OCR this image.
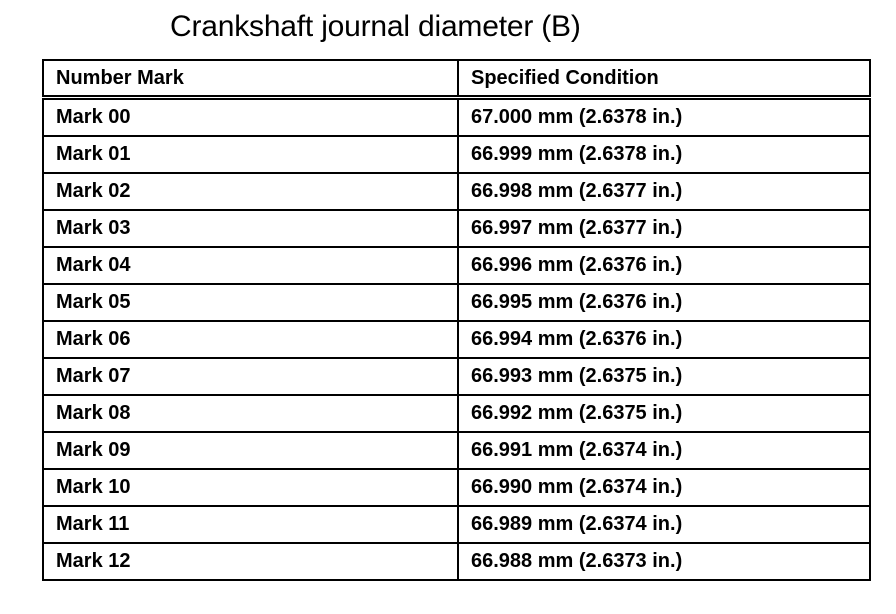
Crankshaft journal diameter (B)
Number Mark	Specified Condition
Mark 00	67.000 mm (2.6378 in.)
Mark 01	66.999 mm (2.6378 in.)
Mark 02	66.998 mm (2.6377 in.)
Mark 03	66.997 mm (2.6377 in.)
Mark 04	66.996 mm (2.6376 in.)
Mark 05	66.995 mm (2.6376 in.)
Mark 06	66.994 mm (2.6376 in.)
Mark 07	66.993 mm (2.6375 in.)
Mark 08	66.992 mm (2.6375 in.)
Mark 09	66.991 mm (2.6374 in.)
Mark 10	66.990 mm (2.6374 in.)
Mark 11	66.989 mm (2.6374 in.)
Mark 12	66.988 mm (2.6373 in.)
